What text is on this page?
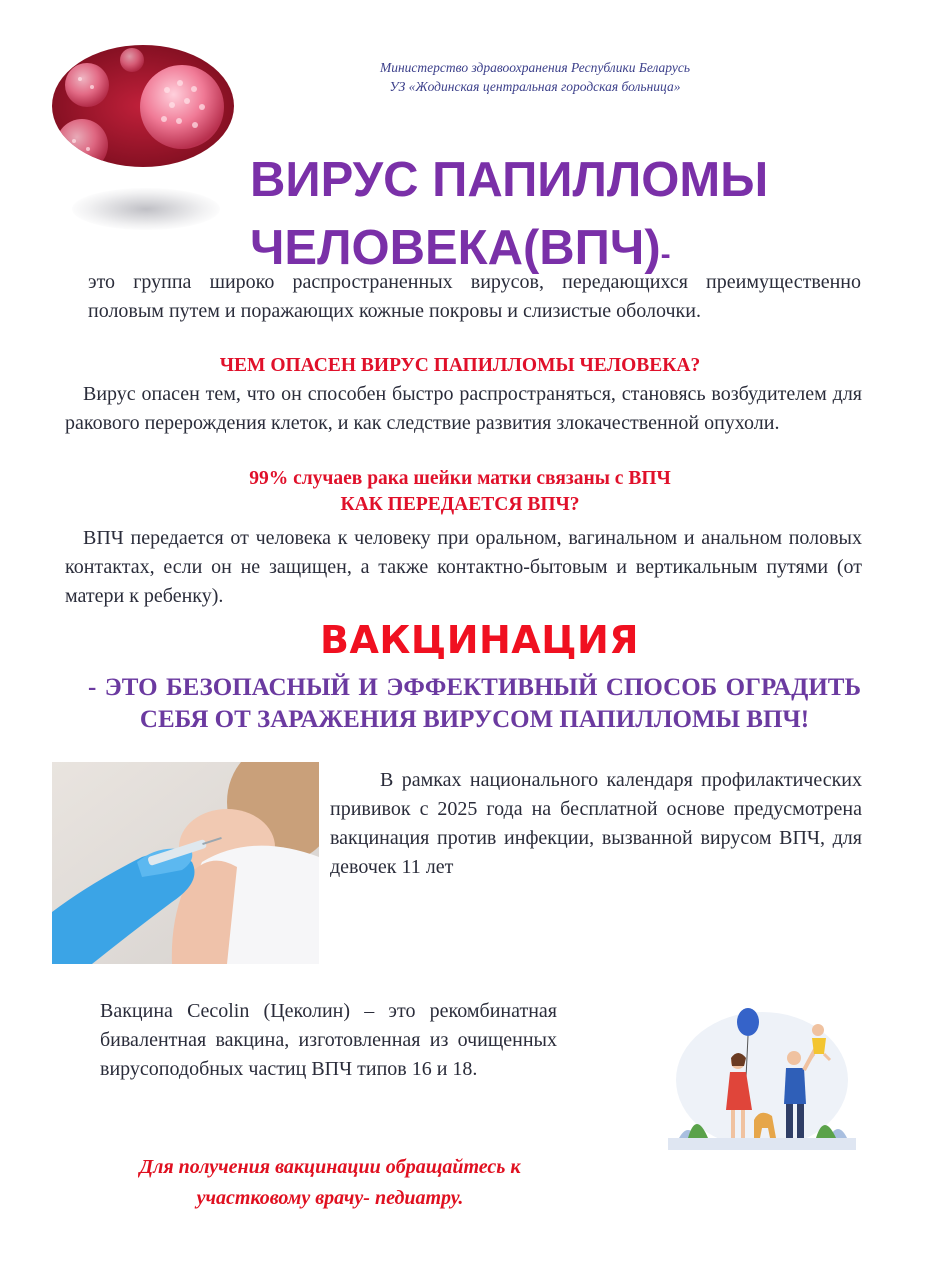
Министерство здравоохранения Республики Беларусь
УЗ «Жодинская центральная городская больница»
ВИРУС ПАПИЛЛОМЫ
ЧЕЛОВЕКА(ВПЧ)-
это группа широко распространенных вирусов, передающихся преимущественно половым путем и поражающих кожные покровы и слизистые оболочки.
ЧЕМ ОПАСЕН ВИРУС ПАПИЛЛОМЫ ЧЕЛОВЕКА?
Вирус опасен тем, что он способен быстро распространяться, становясь возбудителем для ракового перерождения клеток, и как следствие развития злокачественной опухоли.
99% случаев рака шейки матки связаны с ВПЧ
КАК ПЕРЕДАЕТСЯ ВПЧ?
ВПЧ передается от человека к человеку при оральном, вагинальном и анальном половых контактах, если он не защищен, а также контактно-бытовым и вертикальным путями (от матери к ребенку).
ВАКЦИНАЦИЯ
- ЭТО БЕЗОПАСНЫЙ И ЭФФЕКТИВНЫЙ СПОСОБ ОГРАДИТЬ СЕБЯ ОТ ЗАРАЖЕНИЯ ВИРУСОМ ПАПИЛЛОМЫ ВПЧ!
В рамках национального календаря профилактических прививок с 2025 года на бесплатной основе предусмотрена вакцинация против инфекции, вызванной вирусом ВПЧ, для девочек 11 лет
Вакцина Cecolin (Цеколин) – это рекомбинатная бивалентная вакцина, изготовленная из очищенных вирусоподобных частиц ВПЧ типов 16 и 18.
Для получения вакцинации обращайтесь к участковому врачу- педиатру.
